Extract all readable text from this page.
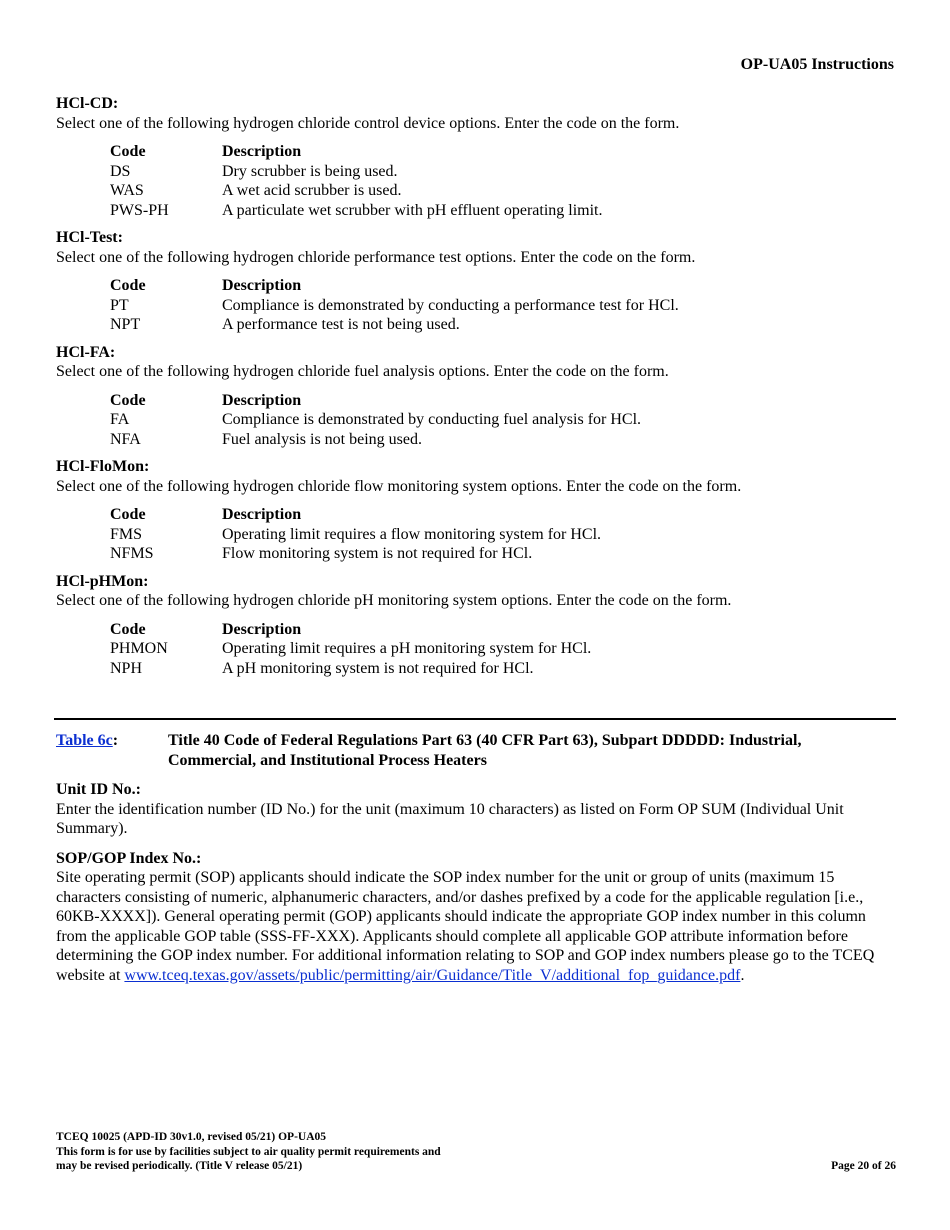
OP-UA05 Instructions

HCl-CD:

Select one of the following hydrogen chloride control device options. Enter the code on the form.

Code	Description
DS	Dry scrubber is being used.
WAS	A wet acid scrubber is used.
PWS-PH	A particulate wet scrubber with pH effluent operating limit.

HCl-Test:

Select one of the following hydrogen chloride performance test options. Enter the code on the form.

Code	Description
PT	Compliance is demonstrated by conducting a performance test for HCl.
NPT	A performance test is not being used.

HCl-FA:

Select one of the following hydrogen chloride fuel analysis options. Enter the code on the form.

Code	Description
FA	Compliance is demonstrated by conducting fuel analysis for HCl.
NFA	Fuel analysis is not being used.

HCl-FloMon:

Select one of the following hydrogen chloride flow monitoring system options. Enter the code on the form.

Code	Description
FMS	Operating limit requires a flow monitoring system for HCl.
NFMS	Flow monitoring system is not required for HCl.

HCl-pHMon:

Select one of the following hydrogen chloride pH monitoring system options. Enter the code on the form.

Code	Description
PHMON	Operating limit requires a pH monitoring system for HCl.
NPH	A pH monitoring system is not required for HCl.
Table 6c:	Title 40 Code of Federal Regulations Part 63 (40 CFR Part 63), Subpart DDDDD: Industrial, Commercial, and Institutional Process Heaters

Unit ID No.:

Enter the identification number (ID No.) for the unit (maximum 10 characters) as listed on Form OP SUM (Individual Unit Summary).

SOP/GOP Index No.:

Site operating permit (SOP) applicants should indicate the SOP index number for the unit or group of units (maximum 15 characters consisting of numeric, alphanumeric characters, and/or dashes prefixed by a code for the applicable regulation [i.e., 60KB-XXXX]). General operating permit (GOP) applicants should indicate the appropriate GOP index number in this column from the applicable GOP table (SSS-FF-XXX). Applicants should complete all applicable GOP attribute information before determining the GOP index number. For additional information relating to SOP and GOP index numbers please go to the TCEQ website at www.tceq.texas.gov/assets/public/permitting/air/Guidance/Title_V/additional_fop_guidance.pdf.

TCEQ 10025 (APD-ID 30v1.0, revised 05/21) OP-UA05
This form is for use by facilities subject to air quality permit requirements and
may be revised periodically. (Title V release 05/21)	Page 20 of 26
